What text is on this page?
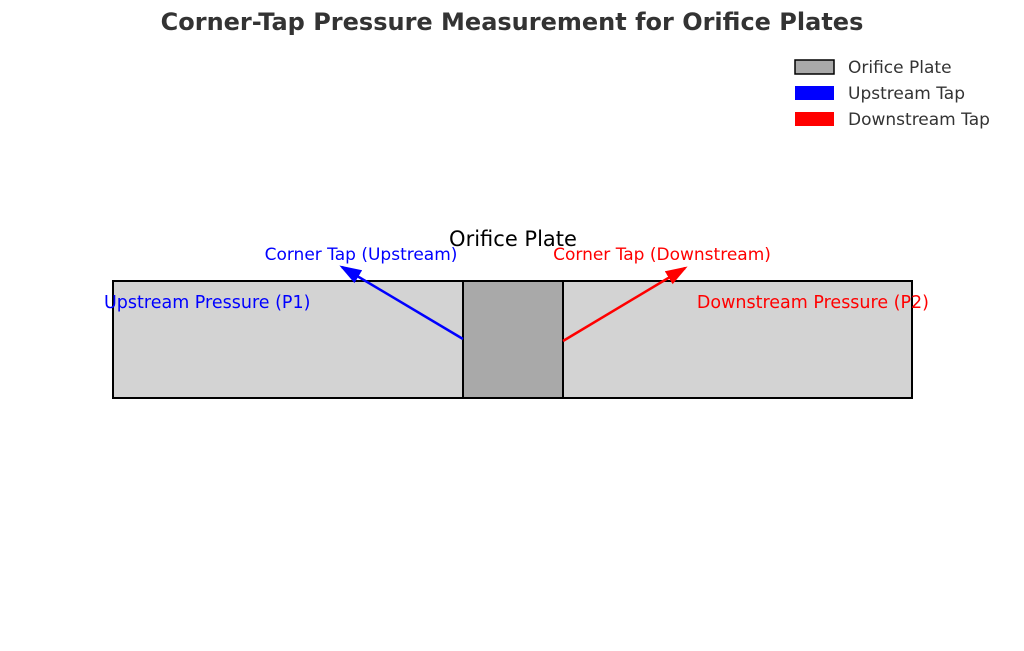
Corner-Tap Pressure Measurement for Orifice Plates
Orifice Plate
Upstream Tap
Downstream Tap
Orifice Plate
Corner Tap (Upstream)	Corner Tap (Downstream)
Upstream Pressure (P1)	Downstream Pressure (P2)
